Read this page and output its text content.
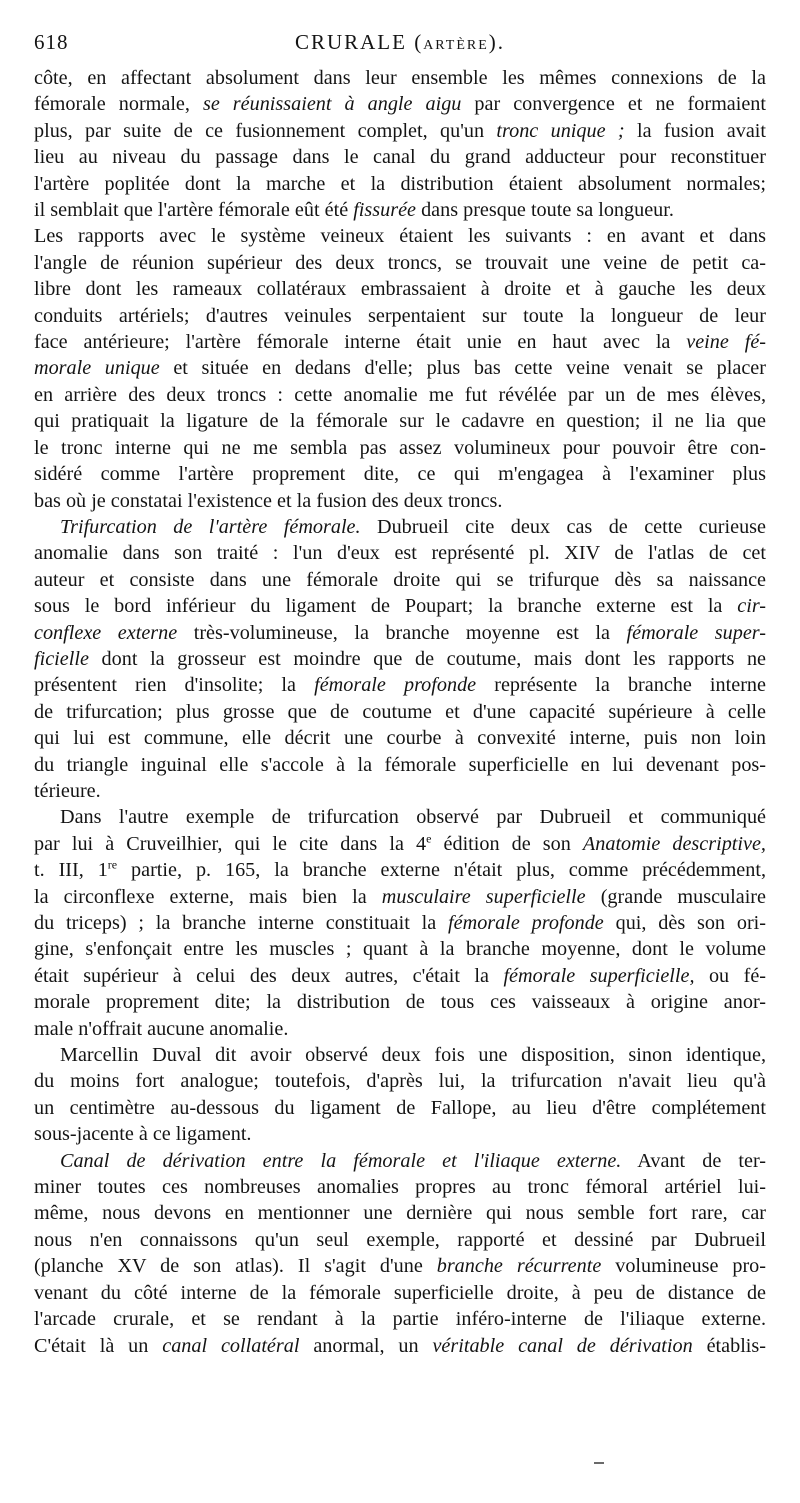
618	CRURALE (ARTÈRE).
côte, en affectant absolument dans leur ensemble les mêmes connexions de la
fémorale normale, se réunissaient à angle aigu par convergence et ne formaient
plus, par suite de ce fusionnement complet, qu'un tronc unique ; la fusion avait
lieu au niveau du passage dans le canal du grand adducteur pour reconstituer
l'artère poplitée dont la marche et la distribution étaient absolument normales;
il semblait que l'artère fémorale eût été fissurée dans presque toute sa longueur.
Les rapports avec le système veineux étaient les suivants : en avant et dans
l'angle de réunion supérieur des deux troncs, se trouvait une veine de petit ca-
libre dont les rameaux collatéraux embrassaient à droite et à gauche les deux
conduits artériels; d'autres veinules serpentaient sur toute la longueur de leur
face antérieure; l'artère fémorale interne était unie en haut avec la veine fé-
morale unique et située en dedans d'elle; plus bas cette veine venait se placer
en arrière des deux troncs : cette anomalie me fut révélée par un de mes élèves,
qui pratiquait la ligature de la fémorale sur le cadavre en question; il ne lia que
le tronc interne qui ne me sembla pas assez volumineux pour pouvoir être con-
sidéré comme l'artère proprement dite, ce qui m'engagea à l'examiner plus
bas où je constatai l'existence et la fusion des deux troncs.
Trifurcation de l'artère fémorale. Dubrueil cite deux cas de cette curieuse
anomalie dans son traité : l'un d'eux est représenté pl. XIV de l'atlas de cet
auteur et consiste dans une fémorale droite qui se trifurque dès sa naissance
sous le bord inférieur du ligament de Poupart; la branche externe est la cir-
conflexe externe très-volumineuse, la branche moyenne est la fémorale super-
ficielle dont la grosseur est moindre que de coutume, mais dont les rapports ne
présentent rien d'insolite; la fémorale profonde représente la branche interne
de trifurcation; plus grosse que de coutume et d'une capacité supérieure à celle
qui lui est commune, elle décrit une courbe à convexité interne, puis non loin
du triangle inguinal elle s'accole à la fémorale superficielle en lui devenant pos-
térieure.
Dans l'autre exemple de trifurcation observé par Dubrueil et communiqué
par lui à Cruveilhier, qui le cite dans la 4e édition de son Anatomie descriptive,
t. III, 1re partie, p. 165, la branche externe n'était plus, comme précédemment,
la circonflexe externe, mais bien la musculaire superficielle (grande musculaire
du triceps) ; la branche interne constituait la fémorale profonde qui, dès son ori-
gine, s'enfonçait entre les muscles ; quant à la branche moyenne, dont le volume
était supérieur à celui des deux autres, c'était la fémorale superficielle, ou fé-
morale proprement dite; la distribution de tous ces vaisseaux à origine anor-
male n'offrait aucune anomalie.
Marcellin Duval dit avoir observé deux fois une disposition, sinon identique,
du moins fort analogue; toutefois, d'après lui, la trifurcation n'avait lieu qu'à
un centimètre au-dessous du ligament de Fallope, au lieu d'être complétement
sous-jacente à ce ligament.
Canal de dérivation entre la fémorale et l'iliaque externe. Avant de ter-
miner toutes ces nombreuses anomalies propres au tronc fémoral artériel lui-
même, nous devons en mentionner une dernière qui nous semble fort rare, car
nous n'en connaissons qu'un seul exemple, rapporté et dessiné par Dubrueil
(planche XV de son atlas). Il s'agit d'une branche récurrente volumineuse pro-
venant du côté interne de la fémorale superficielle droite, à peu de distance de
l'arcade crurale, et se rendant à la partie inféro-interne de l'iliaque externe.
C'était là un canal collatéral anormal, un véritable canal de dérivation établis-
